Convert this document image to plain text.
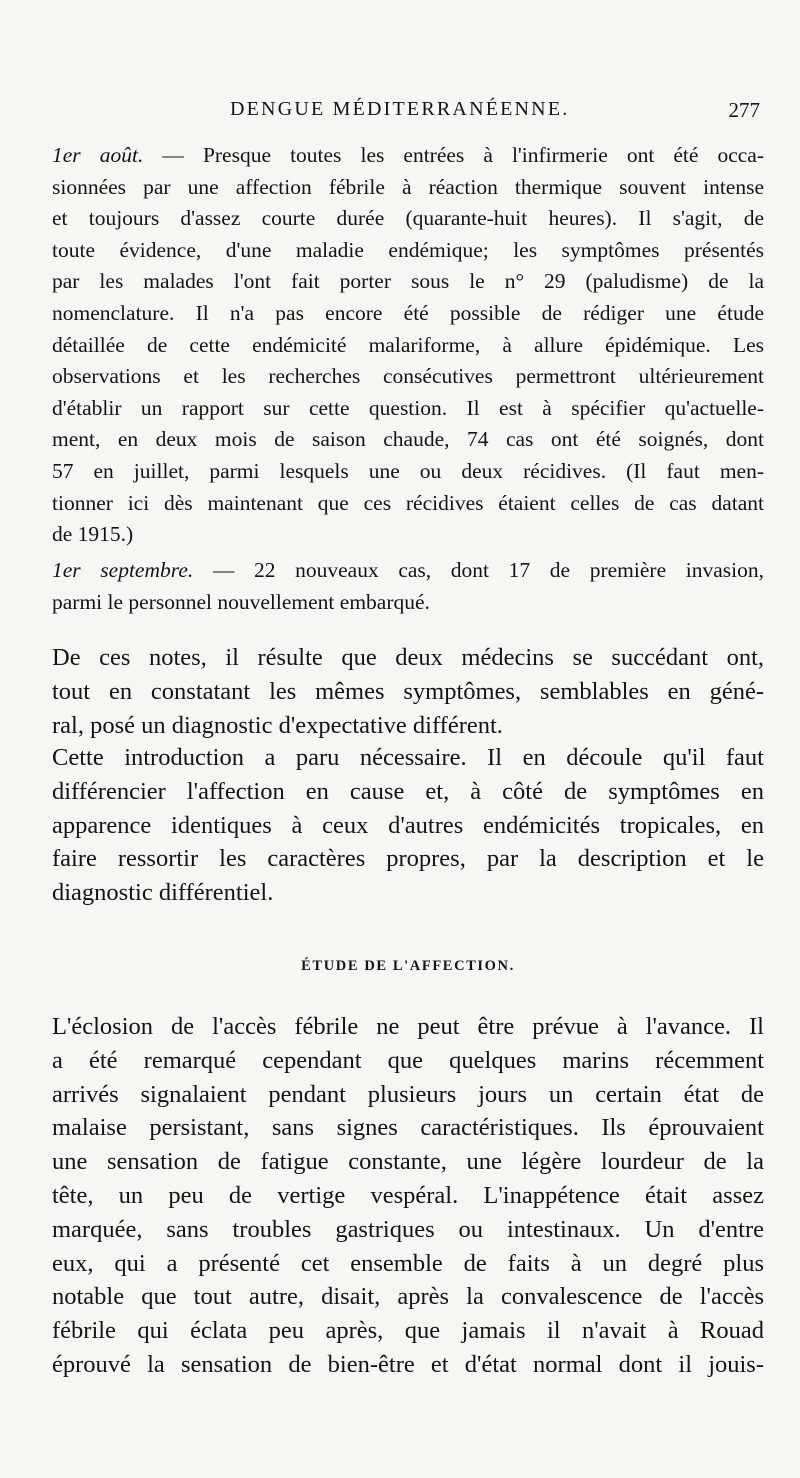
DENGUE MÉDITERRANÉENNE.	277
1er août. — Presque toutes les entrées à l'infirmerie ont été occa-
sionnées par une affection fébrile à réaction thermique souvent intense
et toujours d'assez courte durée (quarante-huit heures). Il s'agit, de
toute évidence, d'une maladie endémique; les symptômes présentés
par les malades l'ont fait porter sous le n° 29 (paludisme) de la
nomenclature. Il n'a pas encore été possible de rédiger une étude
détaillée de cette endémicité malariforme, à allure épidémique. Les
observations et les recherches consécutives permettront ultérieurement
d'établir un rapport sur cette question. Il est à spécifier qu'actuelle-
ment, en deux mois de saison chaude, 74 cas ont été soignés, dont
57 en juillet, parmi lesquels une ou deux récidives. (Il faut men-
tionner ici dès maintenant que ces récidives étaient celles de cas datant
de 1915.)
1er septembre. — 22 nouveaux cas, dont 17 de première invasion,
parmi le personnel nouvellement embarqué.
De ces notes, il résulte que deux médecins se succédant ont,
tout en constatant les mêmes symptômes, semblables en géné-
ral, posé un diagnostic d'expectative différent.
Cette introduction a paru nécessaire. Il en découle qu'il faut
différencier l'affection en cause et, à côté de symptômes en
apparence identiques à ceux d'autres endémicités tropicales, en
faire ressortir les caractères propres, par la description et le
diagnostic différentiel.
ÉTUDE DE L'AFFECTION.
L'éclosion de l'accès fébrile ne peut être prévue à l'avance. Il
a été remarqué cependant que quelques marins récemment
arrivés signalaient pendant plusieurs jours un certain état de
malaise persistant, sans signes caractéristiques. Ils éprouvaient
une sensation de fatigue constante, une légère lourdeur de la
tête, un peu de vertige vespéral. L'inappétence était assez
marquée, sans troubles gastriques ou intestinaux. Un d'entre
eux, qui a présenté cet ensemble de faits à un degré plus
notable que tout autre, disait, après la convalescence de l'accès
fébrile qui éclata peu après, que jamais il n'avait à Rouad
éprouvé la sensation de bien-être et d'état normal dont il jouis-
